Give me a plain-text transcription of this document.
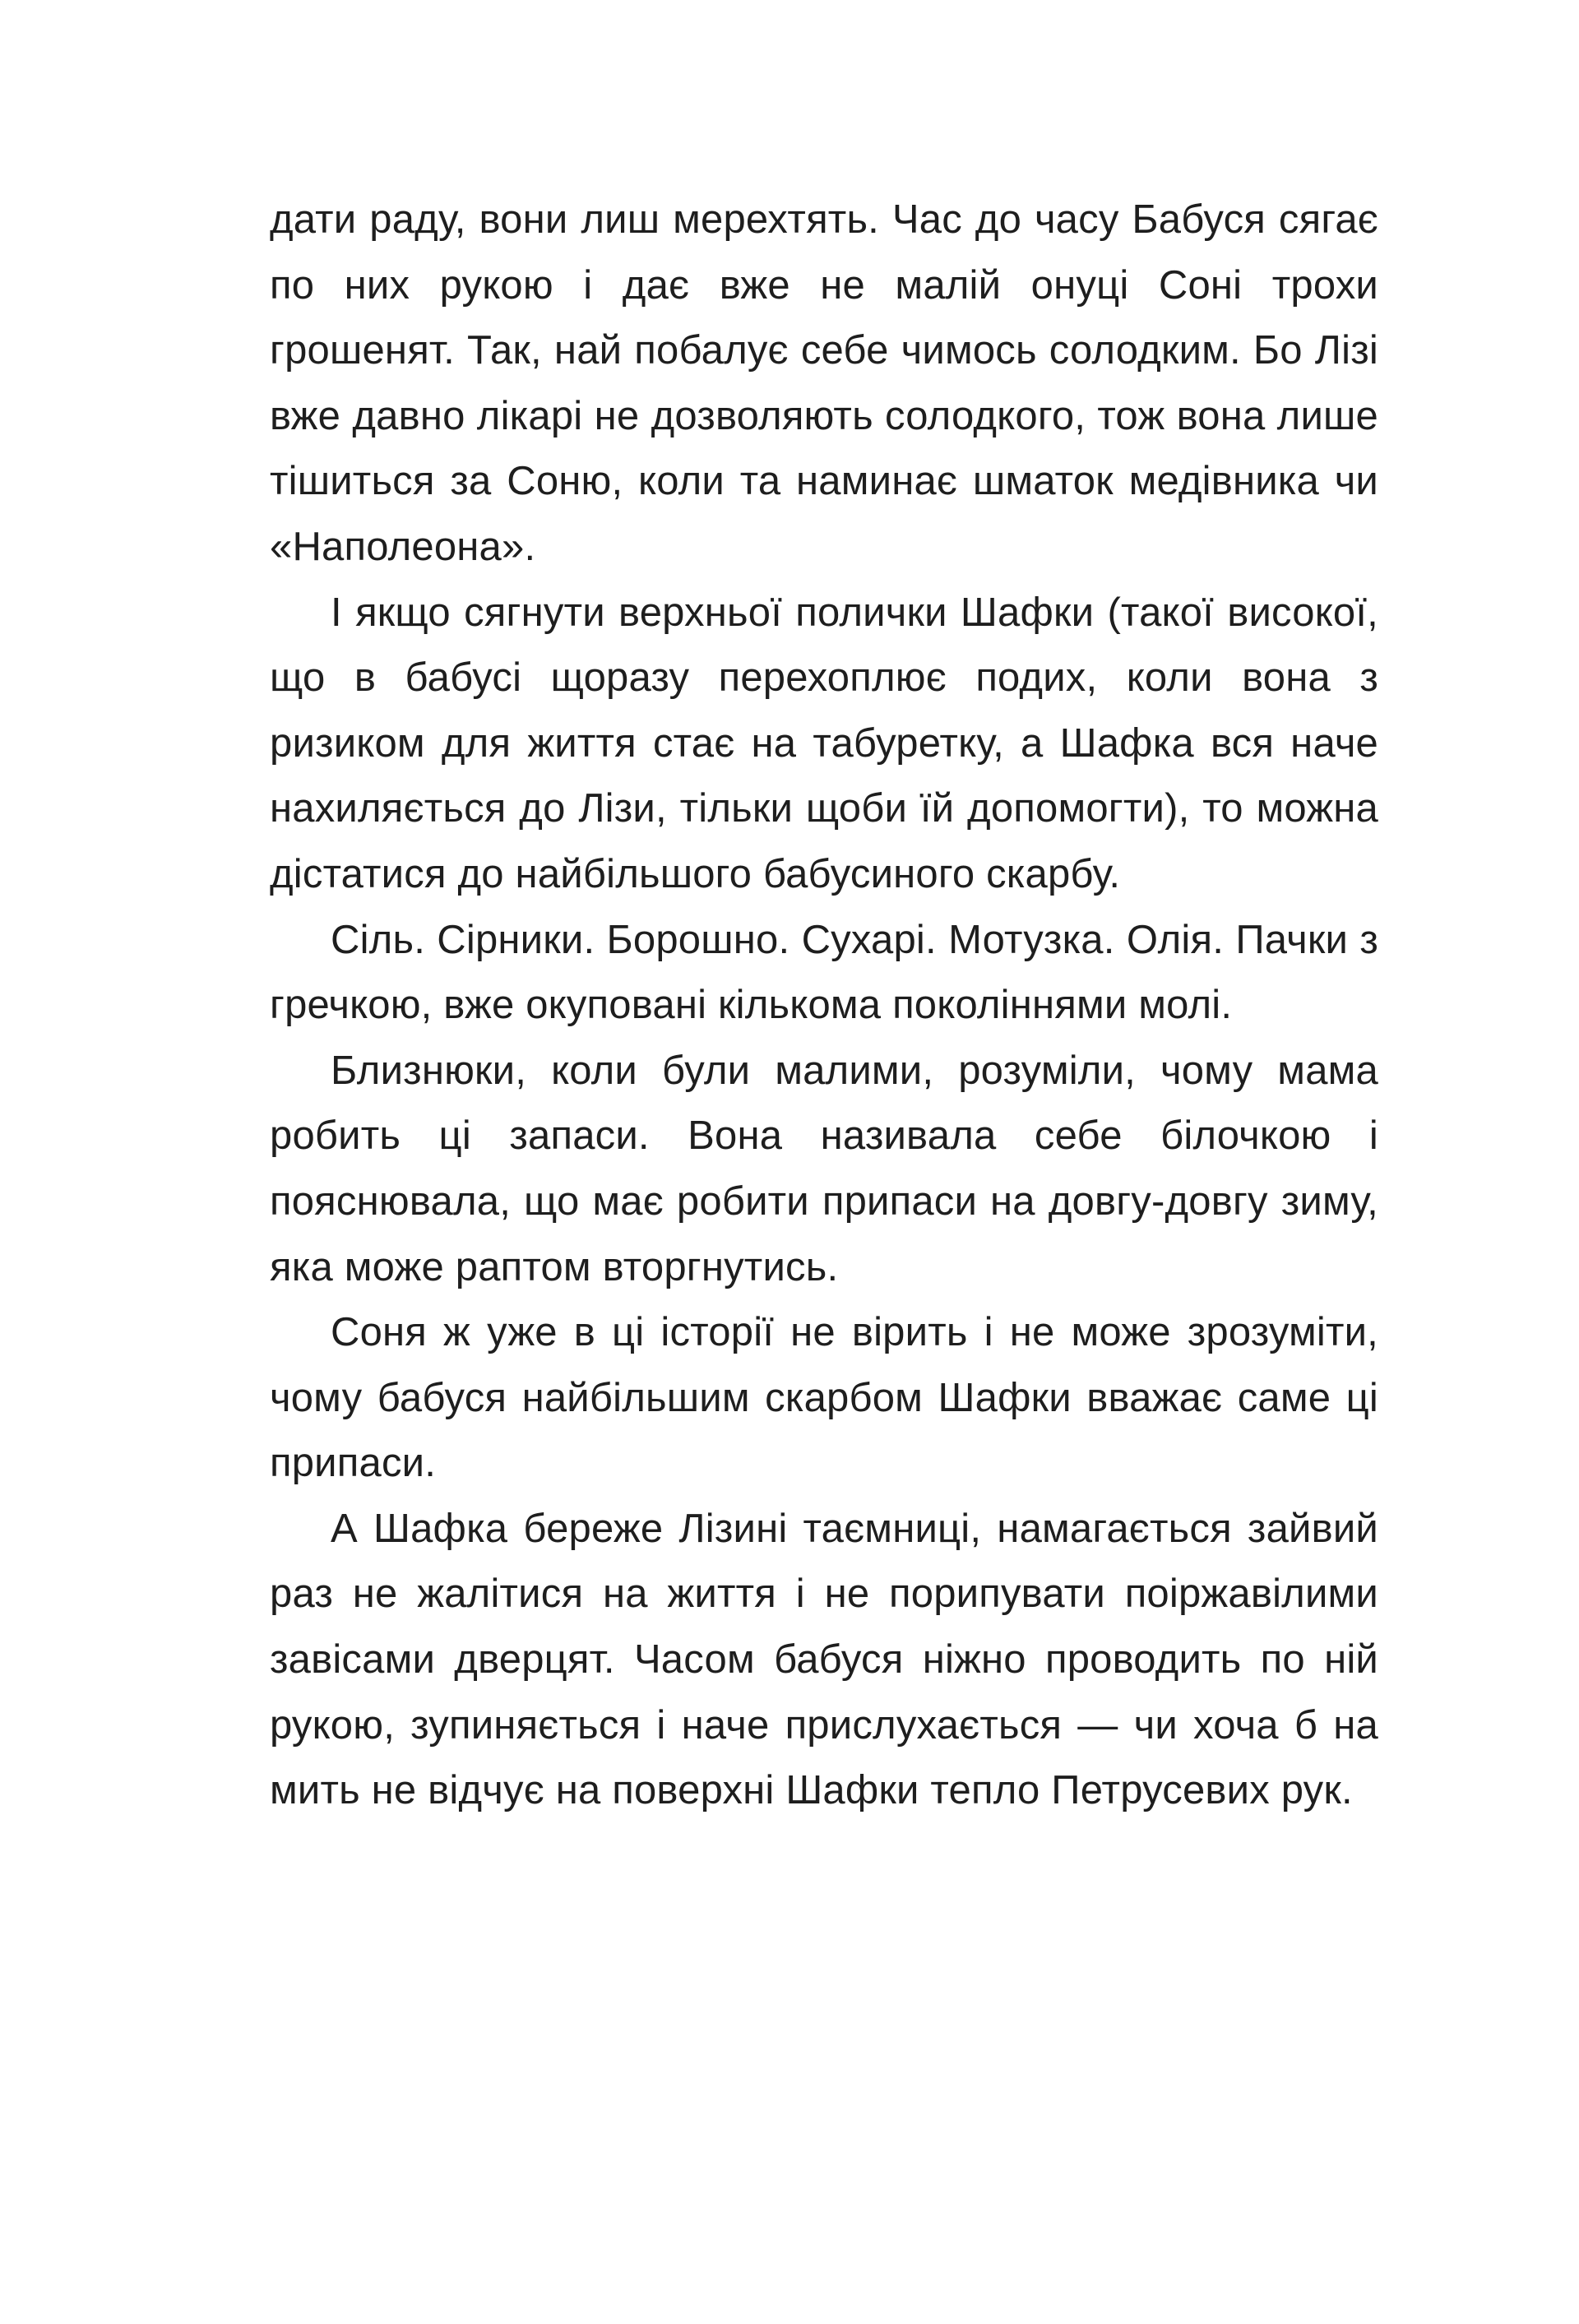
дати раду, вони лиш мерехтять. Час до часу Бабуся сягає по них рукою і дає вже не малій онуці Соні трохи грошенят. Так, най побалує себе чимось солодким. Бо Лізі вже давно лікарі не дозволяють солодкого, тож вона лише тішиться за Соню, коли та наминає шматок медівника чи «Наполеона».

І якщо сягнути верхньої полички Шафки (такої високої, що в бабусі щоразу перехоплює подих, коли вона з ризиком для життя стає на табуретку, а Шафка вся наче нахиляється до Лізи, тільки щоби їй допомогти), то можна дістатися до найбільшого бабусиного скарбу.

Сіль. Сірники. Борошно. Сухарі. Мотузка. Олія. Пачки з гречкою, вже окуповані кількома поколіннями молі.

Близнюки, коли були малими, розуміли, чому мама робить ці запаси. Вона називала себе білочкою і пояснювала, що має робити припаси на довгу-довгу зиму, яка може раптом вторгнутись.

Соня ж уже в ці історії не вірить і не може зрозуміти, чому бабуся найбільшим скарбом Шафки вважає саме ці припаси.

А Шафка береже Лізині таємниці, намагається зайвий раз не жалітися на життя і не порипувати поіржавілими завісами дверцят. Часом бабуся ніжно проводить по ній рукою, зупиняється і наче прислухається — чи хоча б на мить не відчує на поверхні Шафки тепло Петрусевих рук.
